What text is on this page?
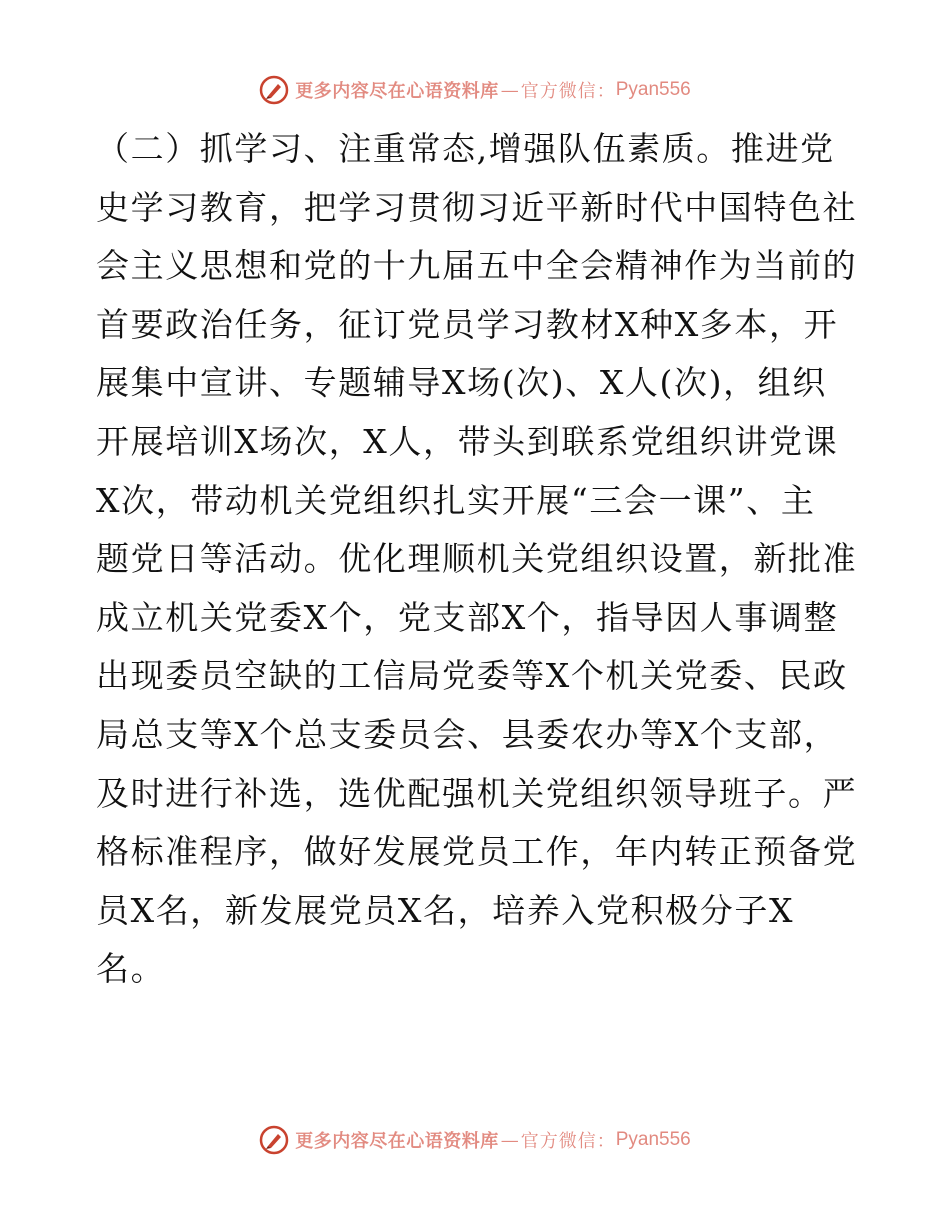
更多内容尽在心语资料库 — 官方微信： Pyan556
（二）抓学习、注重常态,增强队伍素质。推进党
史学习教育，把学习贯彻习近平新时代中国特色社
会主义思想和党的十九届五中全会精神作为当前的
首要政治任务，征订党员学习教材X种X多本，开
展集中宣讲、专题辅导X场(次)、X人(次)，组织
开展培训X场次，X人，带头到联系党组织讲党课
X次，带动机关党组织扎实开展“三会一课”、主
题党日等活动。优化理顺机关党组织设置，新批准
成立机关党委X个，党支部X个，指导因人事调整
出现委员空缺的工信局党委等X个机关党委、民政
局总支等X个总支委员会、县委农办等X个支部，
及时进行补选，选优配强机关党组织领导班子。严
格标准程序，做好发展党员工作，年内转正预备党
员X名，新发展党员X名，培养入党积极分子X
名。
更多内容尽在心语资料库 — 官方微信： Pyan556
